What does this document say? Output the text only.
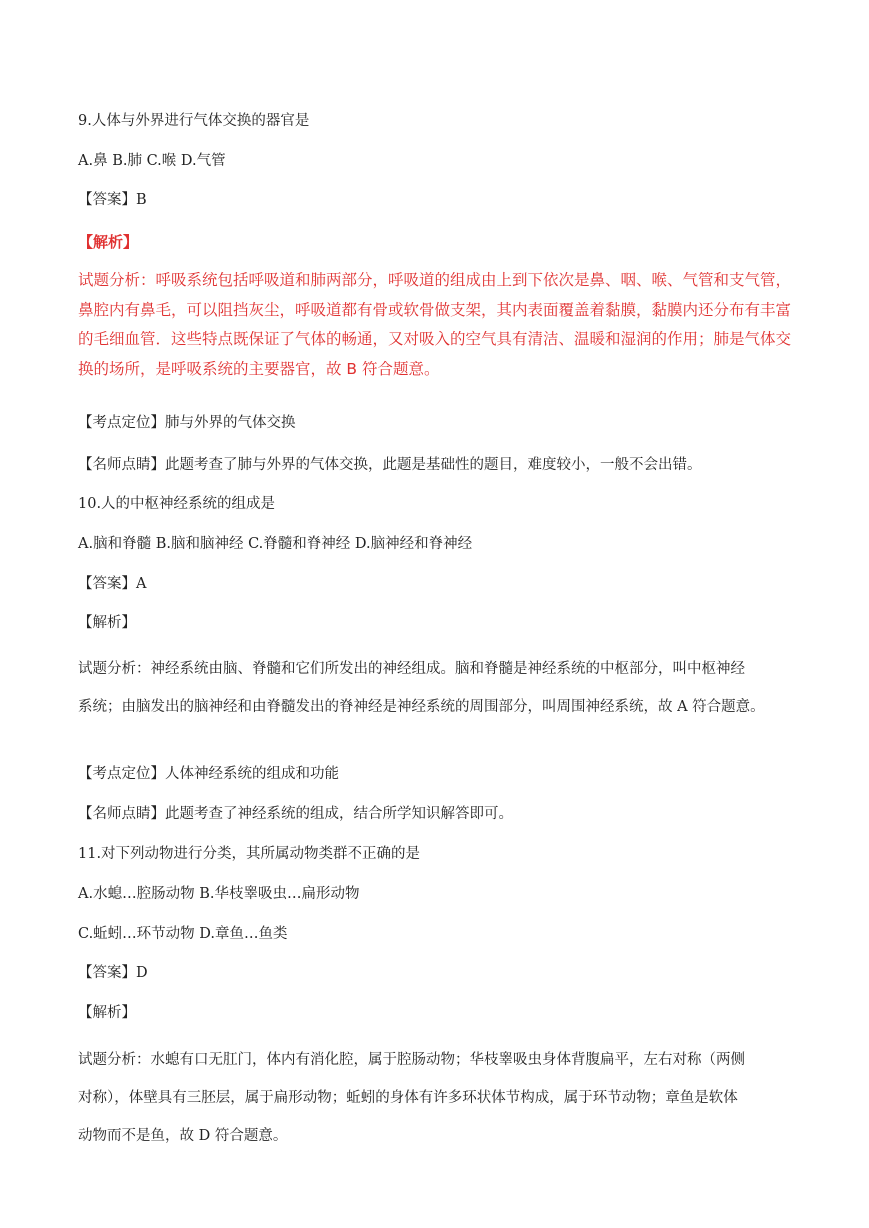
9.人体与外界进行气体交换的器官是

A.鼻 B.肺 C.喉 D.气管

【答案】B

【解析】

试题分析：呼吸系统包括呼吸道和肺两部分，呼吸道的组成由上到下依次是鼻、咽、喉、气管和支气管，
鼻腔内有鼻毛，可以阻挡灰尘，呼吸道都有骨或软骨做支架，其内表面覆盖着黏膜，黏膜内还分布有丰富
的毛细血管．这些特点既保证了气体的畅通，又对吸入的空气具有清洁、温暖和湿润的作用；肺是气体交
换的场所，是呼吸系统的主要器官，故 B 符合题意。

【考点定位】肺与外界的气体交换

【名师点睛】此题考查了肺与外界的气体交换，此题是基础性的题目，难度较小，一般不会出错。

10.人的中枢神经系统的组成是

A.脑和脊髓 B.脑和脑神经 C.脊髓和脊神经 D.脑神经和脊神经

【答案】A

【解析】

试题分析：神经系统由脑、脊髓和它们所发出的神经组成。脑和脊髓是神经系统的中枢部分，叫中枢神经
系统；由脑发出的脑神经和由脊髓发出的脊神经是神经系统的周围部分，叫周围神经系统，故 A 符合题意。

【考点定位】人体神经系统的组成和功能

【名师点睛】此题考查了神经系统的组成，结合所学知识解答即可。

11.对下列动物进行分类，其所属动物类群不正确的是

A.水螅…腔肠动物 B.华枝睾吸虫…扁形动物

C.蚯蚓…环节动物 D.章鱼…鱼类

【答案】D

【解析】

试题分析：水螅有口无肛门，体内有消化腔，属于腔肠动物；华枝睾吸虫身体背腹扁平，左右对称（两侧
对称），体壁具有三胚层，属于扁形动物；蚯蚓的身体有许多环状体节构成，属于环节动物；章鱼是软体
动物而不是鱼，故 D 符合题意。
